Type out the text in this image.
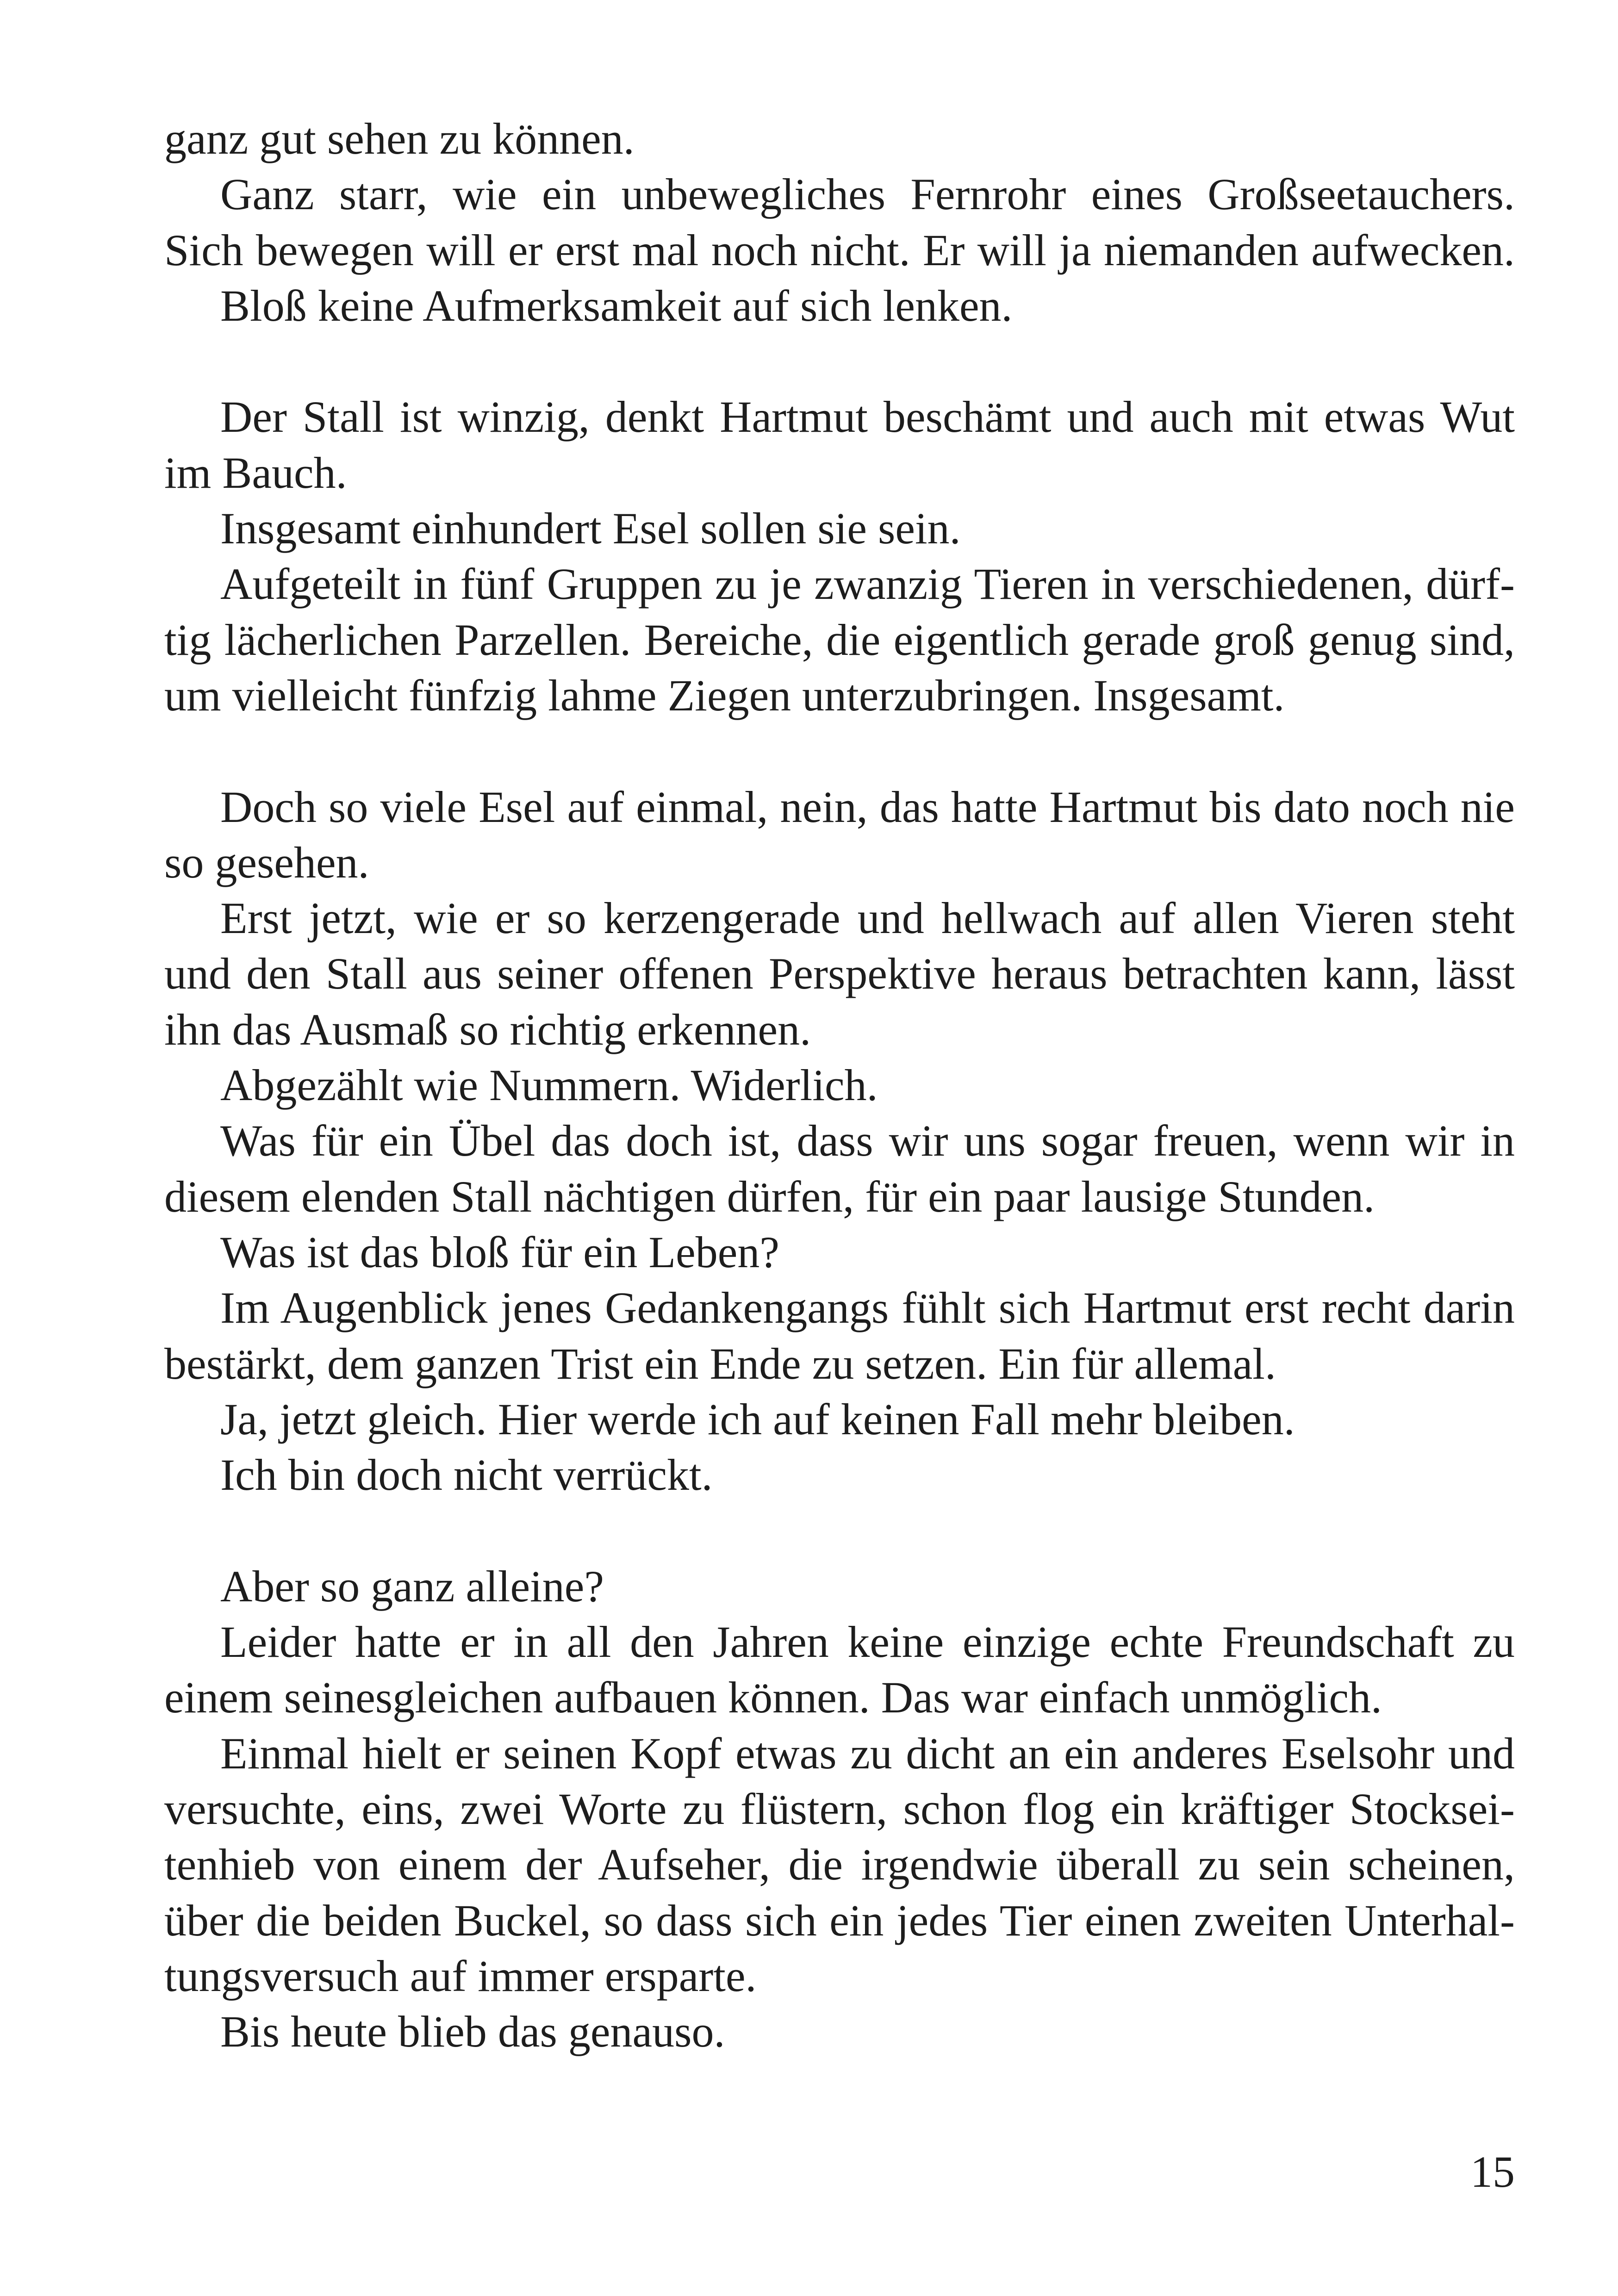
ganz gut sehen zu können.
Ganz starr, wie ein unbewegliches Fernrohr eines Großseetauchers.
Sich bewegen will er erst mal noch nicht. Er will ja niemanden aufwecken.
Bloß keine Aufmerksamkeit auf sich lenken.
Der Stall ist winzig, denkt Hartmut beschämt und auch mit etwas Wut
im Bauch.
Insgesamt einhundert Esel sollen sie sein.
Aufgeteilt in fünf Gruppen zu je zwanzig Tieren in verschiedenen, dürf-
tig lächerlichen Parzellen. Bereiche, die eigentlich gerade groß genug sind,
um vielleicht fünfzig lahme Ziegen unterzubringen. Insgesamt.
Doch so viele Esel auf einmal, nein, das hatte Hartmut bis dato noch nie
so gesehen.
Erst jetzt, wie er so kerzengerade und hellwach auf allen Vieren steht
und den Stall aus seiner offenen Perspektive heraus betrachten kann, lässt
ihn das Ausmaß so richtig erkennen.
Abgezählt wie Nummern. Widerlich.
Was für ein Übel das doch ist, dass wir uns sogar freuen, wenn wir in
diesem elenden Stall nächtigen dürfen, für ein paar lausige Stunden.
Was ist das bloß für ein Leben?
Im Augenblick jenes Gedankengangs fühlt sich Hartmut erst recht darin
bestärkt, dem ganzen Trist ein Ende zu setzen. Ein für allemal.
Ja, jetzt gleich. Hier werde ich auf keinen Fall mehr bleiben.
Ich bin doch nicht verrückt.
Aber so ganz alleine?
Leider hatte er in all den Jahren keine einzige echte Freundschaft zu
einem seinesgleichen aufbauen können. Das war einfach unmöglich.
Einmal hielt er seinen Kopf etwas zu dicht an ein anderes Eselsohr und
versuchte, eins, zwei Worte zu flüstern, schon flog ein kräftiger Stocksei-
tenhieb von einem der Aufseher, die irgendwie überall zu sein scheinen,
über die beiden Buckel, so dass sich ein jedes Tier einen zweiten Unterhal-
tungsversuch auf immer ersparte.
Bis heute blieb das genauso.
15
